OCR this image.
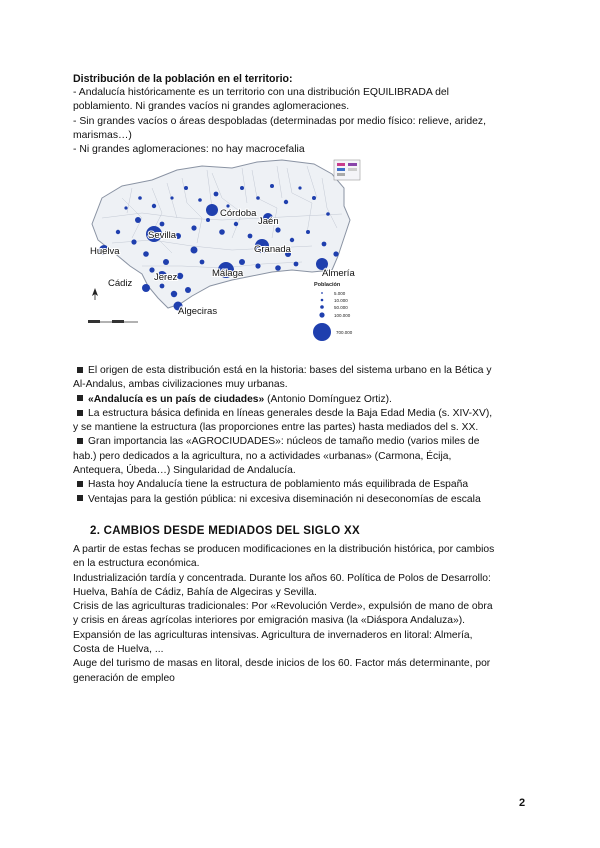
Distribución de la población en el territorio:

- Andalucía históricamente es un territorio con una distribución EQUILIBRADA del

poblamiento. Ni grandes vacíos ni grandes aglomeraciones.

- Sin grandes vacíos o áreas despobladas (determinadas por medio físico: relieve, aridez,

marismas…)

- Ni grandes aglomeraciones: no hay macrocefalia

Córdoba
Jaén
Sevilla
Huelva	Granada
Almería
Jerez	Málaga
Cádiz
Algeciras
Población
5.000
10.000
50.000
100.000
700.000
El origen de esta distribución está en la historia: bases del sistema urbano en la Bética y
Al-Andalus, ambas civilizaciones muy urbanas.
«Andalucía es un país de ciudades» (Antonio Domínguez Ortiz).
La estructura básica definida en líneas generales desde la Baja Edad Media (s. XIV-XV),
y se mantiene la estructura (las proporciones entre las partes) hasta mediados del s. XX.
Gran importancia las «AGROCIUDADES»: núcleos de tamaño medio (varios miles de
hab.) pero dedicados a la agricultura, no a actividades «urbanas» (Carmona, Écija,
Antequera, Úbeda…) Singularidad de Andalucía.
Hasta hoy Andalucía tiene la estructura de poblamiento más equilibrada de España
Ventajas para la gestión pública: ni excesiva diseminación ni deseconomías de escala
2. CAMBIOS DESDE MEDIADOS DEL SIGLO XX

A partir de estas fechas se producen modificaciones en la distribución histórica, por cambios

en la estructura económica.

Industrialización tardía y concentrada. Durante los años 60. Política de Polos de Desarrollo:

Huelva, Bahía de Cádiz, Bahía de Algeciras y Sevilla.

Crisis de las agriculturas tradicionales: Por «Revolución Verde», expulsión de mano de obra

y crisis en áreas agrícolas interiores por emigración masiva (la «Diáspora Andaluza»).

Expansión de las agriculturas intensivas. Agricultura de invernaderos en litoral: Almería,

Costa de Huelva, ...

Auge del turismo de masas en litoral, desde inicios de los 60. Factor más determinante, por

generación de empleo

2
